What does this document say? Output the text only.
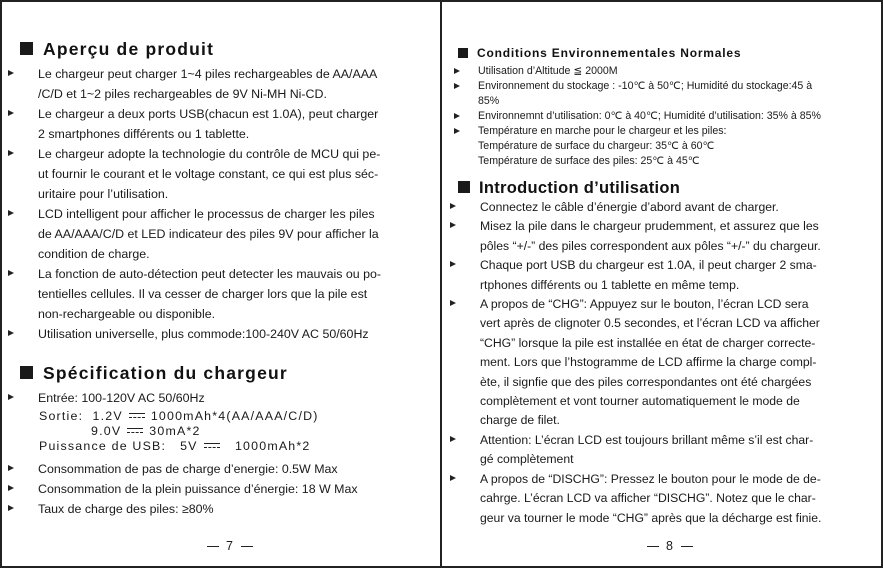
Aperçu de produit
Le chargeur peut charger 1~4 piles rechargeables de AA/AAA
/C/D et 1~2 piles rechargeables de 9V Ni-MH Ni-CD.
Le chargeur a deux ports USB(chacun est 1.0A), peut charger
2 smartphones différents ou 1 tablette.
Le chargeur adopte la technologie du contrôle de MCU qui pe-
ut fournir le courant et le voltage constant, ce qui est plus séc-
uritaire pour l’utilisation.
LCD intelligent pour afficher le processus de charger les piles
de AA/AAA/C/D et LED indicateur des piles 9V pour afficher la
condition de charge.
La fonction de auto-détection peut detecter les mauvais ou po-
tentielles cellules. Il va cesser de charger lors que la pile est
non-rechargeable ou disponible.
Utilisation universelle, plus commode:100-240V AC 50/60Hz
Spécification du chargeur
Entrée: 100-120V AC 50/60Hz
Sortie: 1.2V 1000mAh*4(AA/AAA/C/D)
9.0V 30mA*2
Puissance de USB: 5V	1000mAh*2
Consommation de pas de charge d’energie: 0.5W Max
Consommation de la plein puissance d’énergie: 18 W Max
Taux de charge des piles: ≥80%
7
Conditions Environnementales Normales
Utilisation d’Altitude ≦ 2000M
Environnement du stockage : -10℃ à 50℃; Humidité du stockage:45 à
85%
Environnemnt d’utilisation: 0℃ à 40℃; Humidité d’utilisation: 35% à 85%
Température en marche pour le chargeur et les piles:
Température de surface du chargeur: 35℃ à 60℃
Température de surface des piles: 25℃ à 45℃
Introduction d’utilisation
Connectez le câble d’énergie d’abord avant de charger.
Misez la pile dans le chargeur prudemment, et assurez que les
pôles “+/-” des piles correspondent aux pôles “+/-” du chargeur.
Chaque port USB du chargeur est 1.0A, il peut charger 2 sma-
rtphones différents ou 1 tablette en même temp.
A propos de “CHG”: Appuyez sur le bouton, l’écran LCD sera
vert après de clignoter 0.5 secondes, et l’écran LCD va afficher
“CHG” lorsque la pile est installée en état de charger correcte-
ment. Lors que l’hstogramme de LCD affirme la charge compl-
ète, il signfie que des piles correspondantes ont été chargées
complètement et vont tourner automatiquement le mode de
charge de filet.
Attention: L’écran LCD est toujours brillant même s’il est char-
gé complètement
A propos de “DISCHG”: Pressez le bouton pour le mode de de-
cahrge. L’écran LCD va afficher “DISCHG”. Notez que le char-
geur va tourner le mode “CHG” après que la décharge est finie.
8
